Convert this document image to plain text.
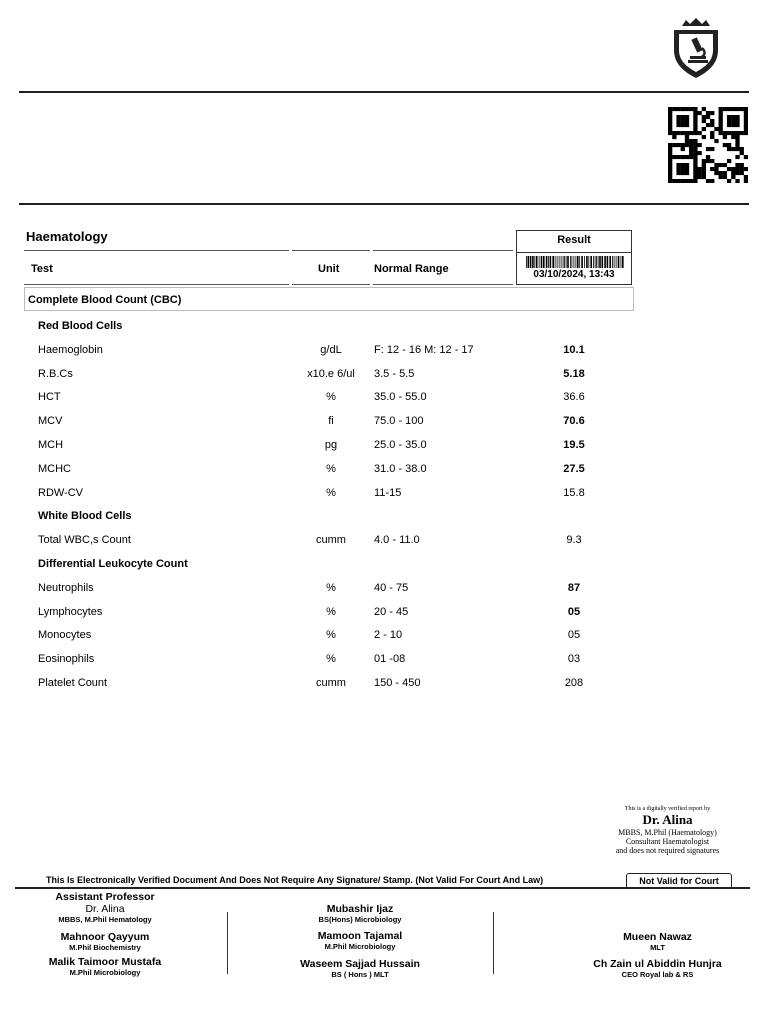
Haematology
Test	Unit	Normal Range
Result
03/10/2024, 13:43
Complete Blood Count (CBC)
Red Blood Cells
Haemoglobin	g/dL	F: 12 - 16 M: 12 - 17	10.1
R.B.Cs	x10.e 6/ul	3.5 - 5.5	5.18
HCT	%	35.0 - 55.0	36.6
MCV	fi	75.0 - 100	70.6
MCH	pg	25.0 - 35.0	19.5
MCHC	%	31.0 - 38.0	27.5
RDW-CV	%	11-15	15.8
White Blood Cells
Total WBC,s Count	cumm	4.0 - 11.0	9.3
Differential Leukocyte Count
Neutrophils	%	40 - 75	87
Lymphocytes	%	20 - 45	05
Monocytes	%	2 - 10	05
Eosinophils	%	01 -08	03
Platelet Count	cumm	150 - 450	208
This is a digitally verified report by
Dr. Alina
MBBS, M.Phil (Haematology)
Consultant Haematologist
and does not required signatures
This Is Electronically Verified Document And Does Not Require Any Signature/ Stamp. (Not Valid For Court And Law)	Not Valid for Court
Assistant Professor
Dr. Alina
MBBS, M.Phil Hematology
Mahnoor Qayyum
M.Phil Biochemistry
Malik Taimoor Mustafa
M.Phil Microbiology
Mubashir Ijaz
BS(Hons) Microbiology
Mamoon Tajamal
M.Phil Microbiology
Waseem Sajjad Hussain
BS ( Hons ) MLT
Mueen Nawaz
MLT
Ch Zain ul Abiddin Hunjra
CEO Royal lab & RS
